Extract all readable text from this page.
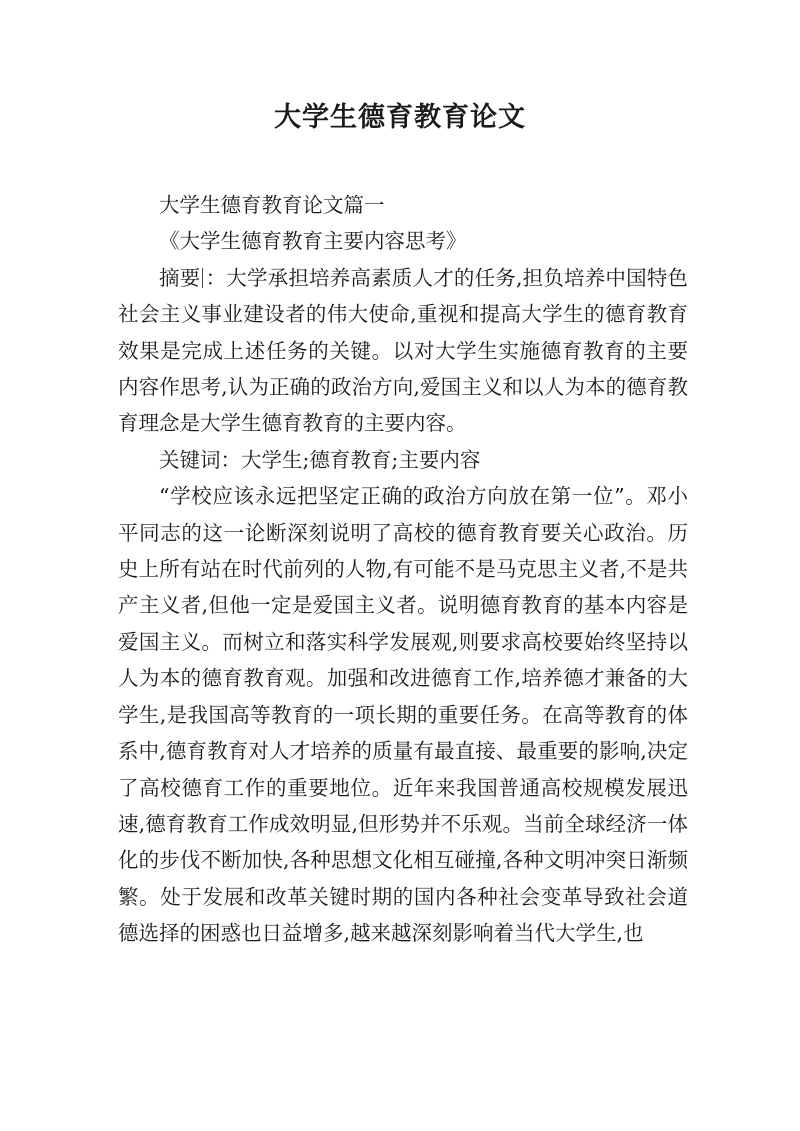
大学生德育教育论文

大学生德育教育论文篇一

《大学生德育教育主要内容思考》

摘要 ：大学承担培养高素质人才的任务,担负培养中国特色社会主义事业建设者的伟大使命,重视和提高大学生的德育教育效果是完成上述任务的关键。以对大学生实施德育教育的主要内容作思考,认为正确的政治方向,爱国主义和以人为本的德育教育理念是大学生德育教育的主要内容。

关键词：大学生;德育教育;主要内容

“学校应该永远把坚定正确的政治方向放在第一位”。邓小平同志的这一论断深刻说明了高校的德育教育要关心政治。历史上所有站在时代前列的人物,有可能不是马克思主义者,不是共产主义者,但他一定是爱国主义者。说明德育教育的基本内容是爱国主义。而树立和落实科学发展观,则要求高校要始终坚持以人为本的德育教育观。加强和改进德育工作,培养德才兼备的大学生,是我国高等教育的一项长期的重要任务。在高等教育的体系中,德育教育对人才培养的质量有最直接、最重要的影响,决定了高校德育工作的重要地位。近年来我国普通高校规模发展迅速,德育教育工作成效明显,但形势并不乐观。当前全球经济一体化的步伐不断加快,各种思想文化相互碰撞,各种文明冲突日渐频繁。处于发展和改革关键时期的国内各种社会变革导致社会道德选择的困惑也日益增多,越来越深刻影响着当代大学生,也
